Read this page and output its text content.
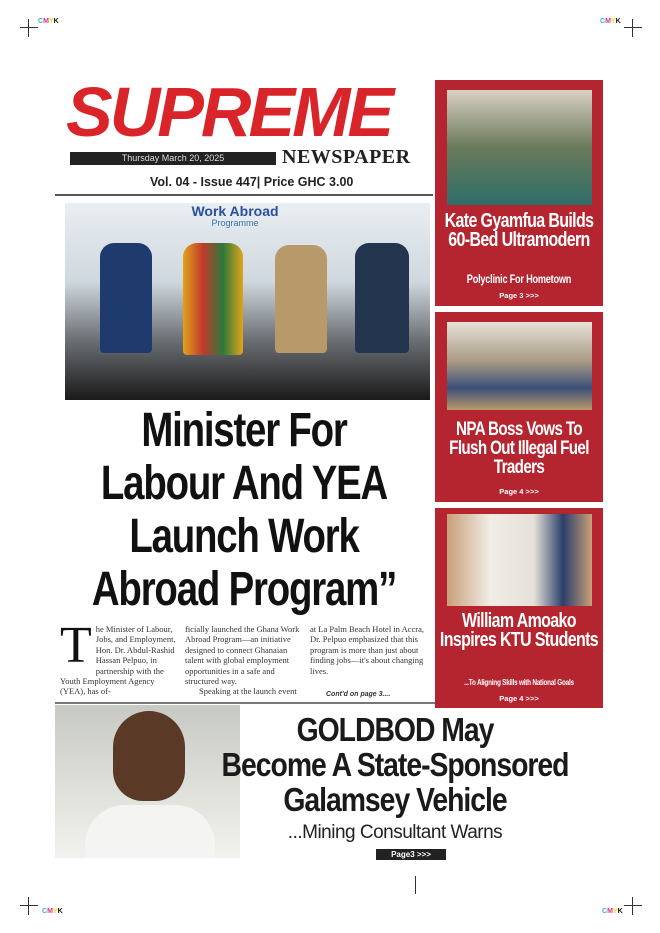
CMYK	CMYK
CMYK	CMYK
SUPREME
Thursday March 20, 2025	NEWSPAPER
Vol. 04 - Issue 447| Price GHC 3.00
Work Abroad
Programme
Minister For
Labour And YEA
Launch Work
Abroad Program”
The Minister of Labour, Jobs, and Employment, Hon. Dr. Abdul-Rashid Hassan Pelpuo, in partnership with the Youth Employment Agency (YEA), has of-
ficially launched the Ghana Work Abroad Program—an initiative designed to connect Ghanaian talent with global employment opportunities in a safe and structured way.
Speaking at the launch event
at La Palm Beach Hotel in Accra, Dr. Pelpuo emphasized that this program is more than just about finding jobs—it's about changing lives.
Cont'd on page 3....
Kate Gyamfua Builds 60-Bed Ultramodern
Polyclinic For Hometown
Page 3 >>>
NPA Boss Vows To Flush Out Illegal Fuel Traders
Page 4 >>>
William Amoako Inspires KTU Students
...To Aligning Skills with National Goals
Page 4 >>>
GOLDBOD May
Become A State-Sponsored
Galamsey Vehicle
...Mining Consultant Warns
Page3 >>>
